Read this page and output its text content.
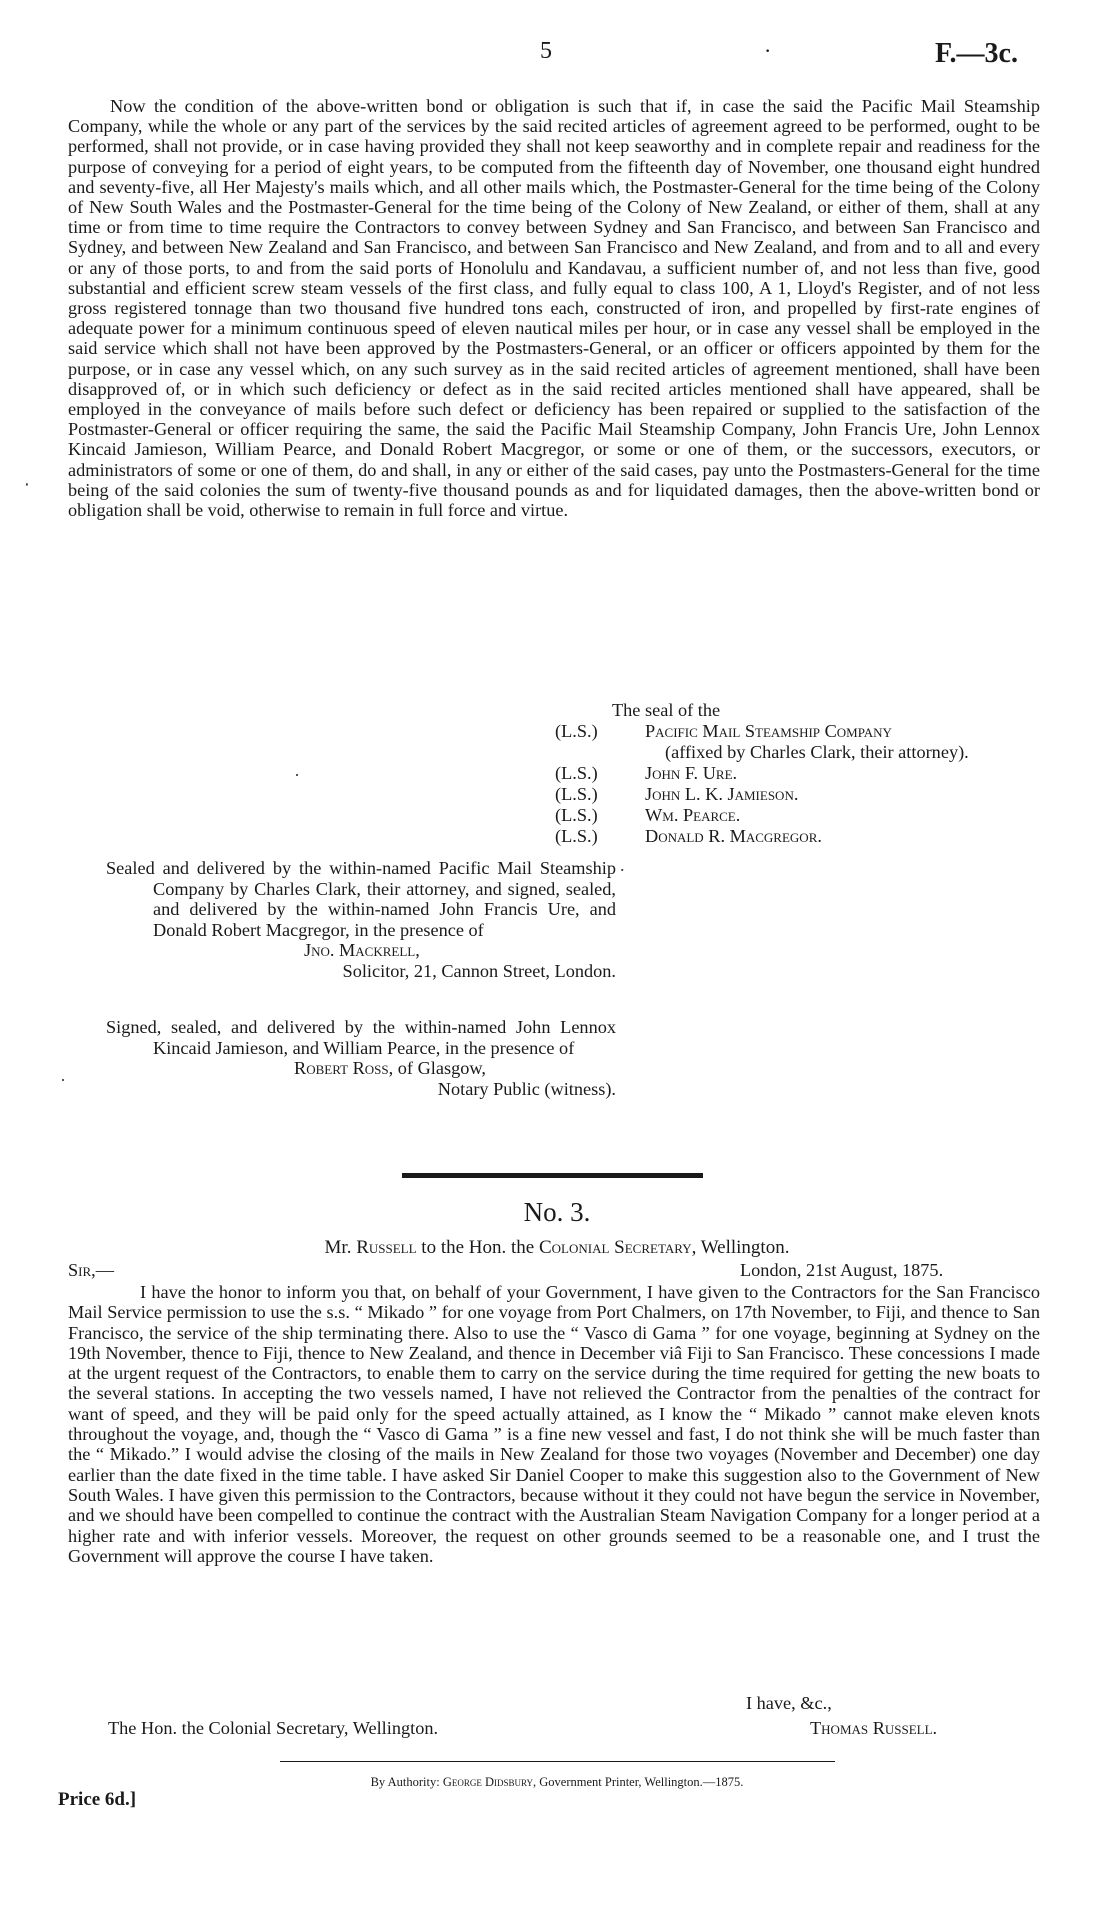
5	·	F.—3c.

Now the condition of the above-written bond or obligation is such that if, in case the said the Pacific Mail Steamship Company, while the whole or any part of the services by the said recited articles of agreement agreed to be performed, ought to be performed, shall not provide, or in case having provided they shall not keep seaworthy and in complete repair and readiness for the purpose of conveying for a period of eight years, to be computed from the fifteenth day of November, one thousand eight hundred and seventy-five, all Her Majesty's mails which, and all other mails which, the Postmaster-General for the time being of the Colony of New South Wales and the Postmaster-General for the time being of the Colony of New Zealand, or either of them, shall at any time or from time to time require the Contractors to convey between Sydney and San Francisco, and between San Francisco and Sydney, and between New Zealand and San Francisco, and between San Francisco and New Zealand, and from and to all and every or any of those ports, to and from the said ports of Honolulu and Kandavau, a sufficient number of, and not less than five, good substantial and efficient screw steam vessels of the first class, and fully equal to class 100, A 1, Lloyd's Register, and of not less gross registered tonnage than two thousand five hundred tons each, constructed of iron, and propelled by first-rate engines of adequate power for a minimum continuous speed of eleven nautical miles per hour, or in case any vessel shall be employed in the said service which shall not have been approved by the Postmasters-General, or an officer or officers appointed by them for the purpose, or in case any vessel which, on any such survey as in the said recited articles of agreement mentioned, shall have been disapproved of, or in which such deficiency or defect as in the said recited articles mentioned shall have appeared, shall be employed in the conveyance of mails before such defect or deficiency has been repaired or supplied to the satisfaction of the Postmaster-General or officer requiring the same, the said the Pacific Mail Steamship Company, John Francis Ure, John Lennox Kincaid Jamieson, William Pearce, and Donald Robert Macgregor, or some or one of them, or the successors, executors, or administrators of some or one of them, do and shall, in any or either of the said cases, pay unto the Postmasters-General for the time being of the said colonies the sum of twenty-five thousand pounds as and for liquidated damages, then the above-written bond or obligation shall be void, otherwise to remain in full force and virtue.

‧
The seal of the
(L.S.)	Pacific Mail Steamship Company
(affixed by Charles Clark, their attorney).
(L.S.)	John F. Ure.
(L.S.)	John L. K. Jamieson.
(L.S.)	Wm. Pearce.
(L.S.)	Donald R. Macgregor.
·
.
·

Sealed and delivered by the within-named Pacific Mail Steamship Company by Charles Clark, their attorney, and signed, sealed, and delivered by the within-named John Francis Ure, and Donald Robert Macgregor, in the presence of

Jno. Mackrell,

Solicitor, 21, Cannon Street, London.

Signed, sealed, and delivered by the within-named John Lennox Kincaid Jamieson, and William Pearce, in the presence of

Robert Ross, of Glasgow,

Notary Public (witness).

No. 3.
Mr. Russell to the Hon. the Colonial Secretary, Wellington.
Sir,—	London, 21st August, 1875.

I have the honor to inform you that, on behalf of your Government, I have given to the Contractors for the San Francisco Mail Service permission to use the s.s. “ Mikado ” for one voyage from Port Chalmers, on 17th November, to Fiji, and thence to San Francisco, the service of the ship terminating there. Also to use the “ Vasco di Gama ” for one voyage, beginning at Sydney on the 19th November, thence to Fiji, thence to New Zealand, and thence in December viâ Fiji to San Francisco. These concessions I made at the urgent request of the Contractors, to enable them to carry on the service during the time required for getting the new boats to the several stations. In accepting the two vessels named, I have not relieved the Contractor from the penalties of the contract for want of speed, and they will be paid only for the speed actually attained, as I know the “ Mikado ” cannot make eleven knots throughout the voyage, and, though the “ Vasco di Gama ” is a fine new vessel and fast, I do not think she will be much faster than the “ Mikado.” I would advise the closing of the mails in New Zealand for those two voyages (November and December) one day earlier than the date fixed in the time table. I have asked Sir Daniel Cooper to make this suggestion also to the Government of New South Wales. I have given this permission to the Contractors, because without it they could not have begun the service in November, and we should have been compelled to continue the contract with the Australian Steam Navigation Company for a longer period at a higher rate and with inferior vessels. Moreover, the request on other grounds seemed to be a reasonable one, and I trust the Government will approve the course I have taken.

I have, &c.,
The Hon. the Colonial Secretary, Wellington.	Thomas Russell.
By Authority: George Didsbury, Government Printer, Wellington.—1875.
Price 6d.]
